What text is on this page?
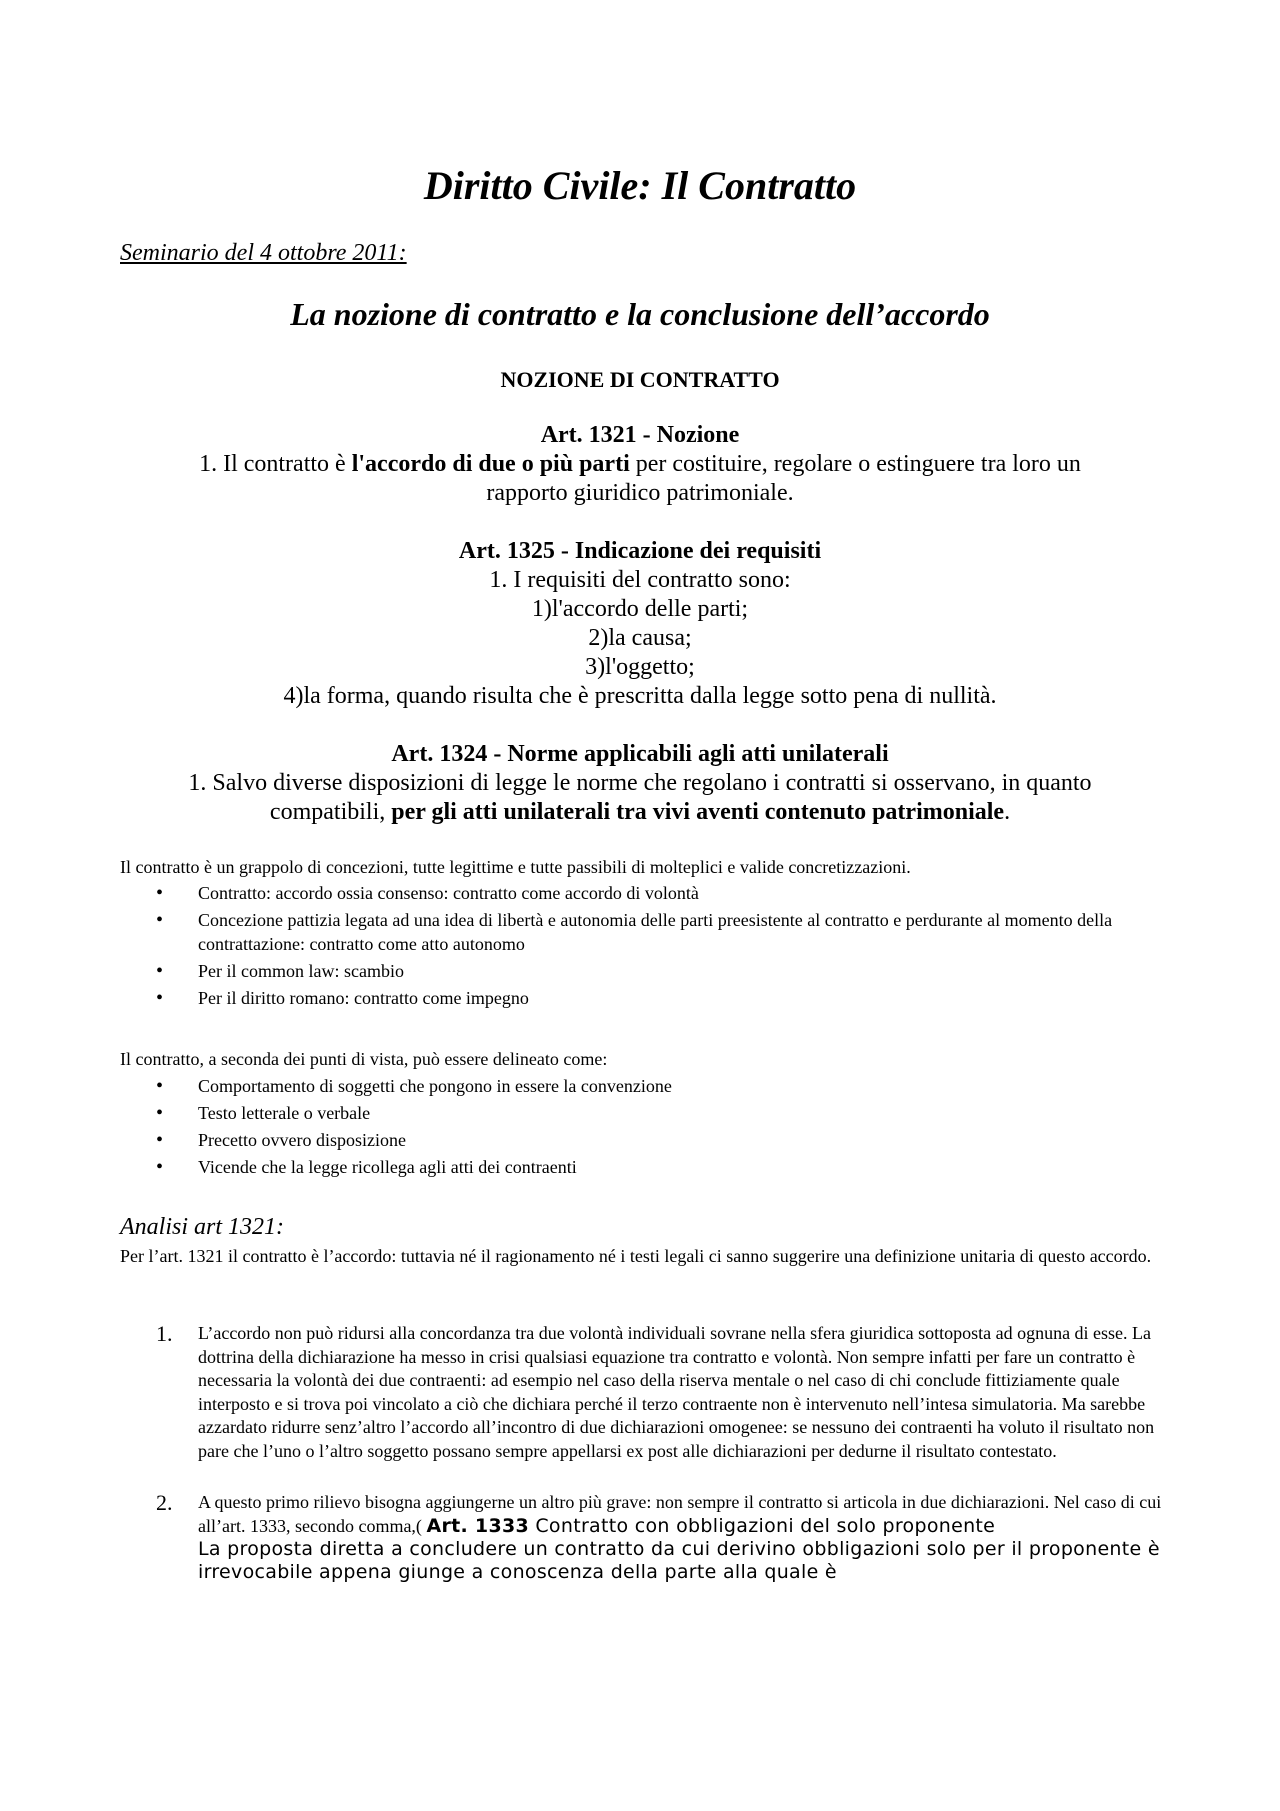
Diritto Civile: Il Contratto
Seminario del 4 ottobre 2011:
La nozione di contratto e la conclusione dell’accordo
NOZIONE DI CONTRATTO

Art. 1321 - Nozione

1. Il contratto è l'accordo di due o più parti per costituire, regolare o estinguere tra loro un rapporto giuridico patrimoniale.

Art. 1325 - Indicazione dei requisiti

1. I requisiti del contratto sono:

1)l'accordo delle parti;

2)la causa;

3)l'oggetto;

4)la forma, quando risulta che è prescritta dalla legge sotto pena di nullità.

Art. 1324 - Norme applicabili agli atti unilaterali

1. Salvo diverse disposizioni di legge le norme che regolano i contratti si osservano, in quanto compatibili, per gli atti unilaterali tra vivi aventi contenuto patrimoniale.

Il contratto è un grappolo di concezioni, tutte legittime e tutte passibili di molteplici e valide concretizzazioni.

• Contratto: accordo ossia consenso: contratto come accordo di volontà
• Concezione pattizia legata ad una idea di libertà e autonomia delle parti preesistente al contratto e perdurante al momento della contrattazione: contratto come atto autonomo
• Per il common law: scambio
• Per il diritto romano: contratto come impegno

Il contratto, a seconda dei punti di vista, può essere delineato come:

• Comportamento di soggetti che pongono in essere la convenzione
• Testo letterale o verbale
• Precetto ovvero disposizione
• Vicende che la legge ricollega agli atti dei contraenti
Analisi art 1321:

Per l’art. 1321 il contratto è l’accordo: tuttavia né il ragionamento né i testi legali ci sanno suggerire una definizione unitaria di questo accordo.

1. L’accordo non può ridursi alla concordanza tra due volontà individuali sovrane nella sfera giuridica sottoposta ad ognuna di esse. La dottrina della dichiarazione ha messo in crisi qualsiasi equazione tra contratto e volontà. Non sempre infatti per fare un contratto è necessaria la volontà dei due contraenti: ad esempio nel caso della riserva mentale o nel caso di chi conclude fittiziamente quale interposto e si trova poi vincolato a ciò che dichiara perché il terzo contraente non è intervenuto nell’intesa simulatoria. Ma sarebbe azzardato ridurre senz’altro l’accordo all’incontro di due dichiarazioni omogenee: se nessuno dei contraenti ha voluto il risultato non pare che l’uno o l’altro soggetto possano sempre appellarsi ex post alle dichiarazioni per dedurne il risultato contestato.
2. A questo primo rilievo bisogna aggiungerne un altro più grave: non sempre il contratto si articola in due dichiarazioni. Nel caso di cui all’art. 1333, secondo comma,( Art. 1333 Contratto con obbligazioni del solo proponente
La proposta diretta a concludere un contratto da cui derivino obbligazioni solo per il proponente è irrevocabile appena giunge a conoscenza della parte alla quale è
